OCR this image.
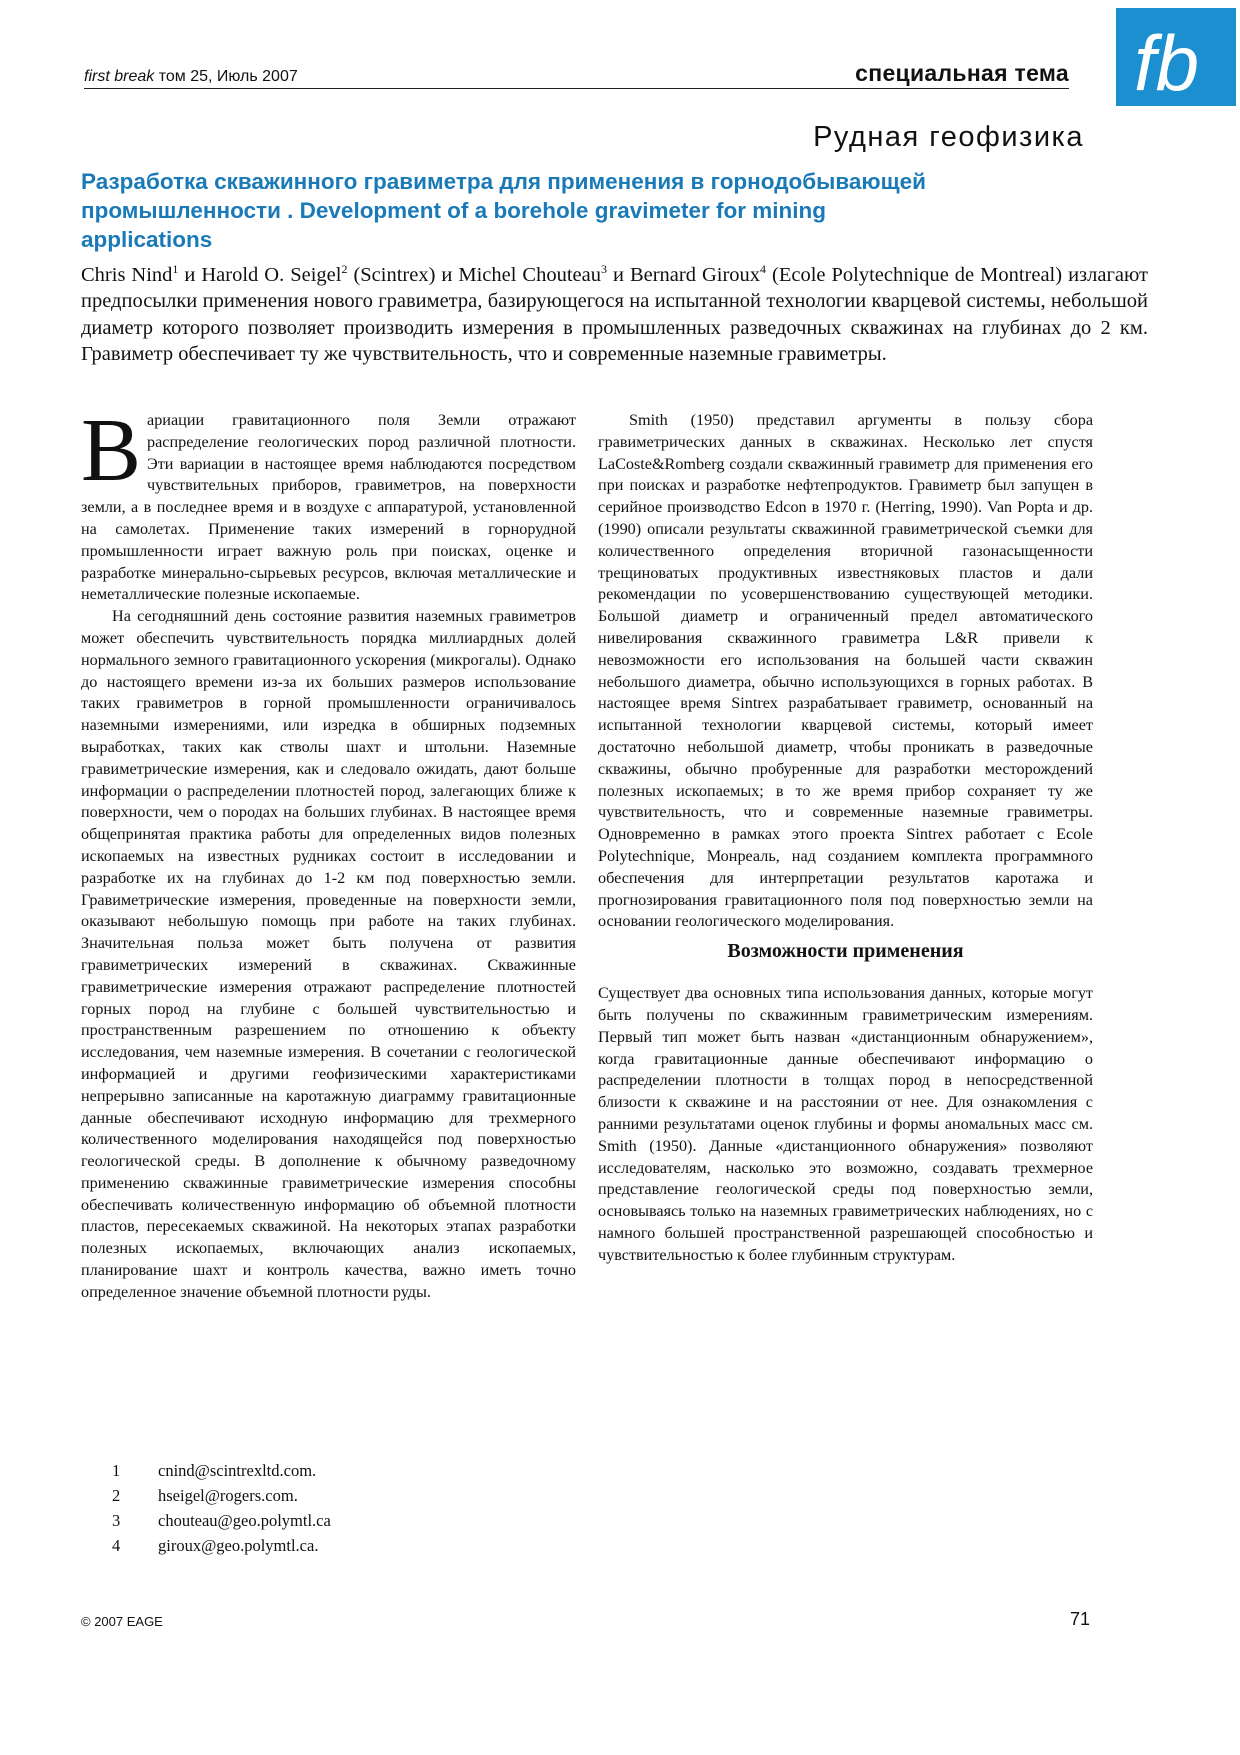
first break том 25, Июль 2007	специальная тема fb
Рудная геофизика
Разработка скважинного гравиметра для применения в горнодобывающей промышленности . Development of a borehole gravimeter for mining applications
Chris Nind$^1$ и Harold O. Seigel$^2$ (Scintrex) и Michel Chouteau$^3$ и Bernard Giroux$^4$ (Ecole Polytechnique de Montreal) излагают предпосылки применения нового гравиметра, базирующегося на испытанной технологии кварцевой системы, небольшой диаметр которого позволяет производить измерения в промышленных разведочных скважинах на глубинах до 2 км. Гравиметр обеспечивает ту же чувствительность, что и современные наземные гравиметры.

Вариации гравитационного поля Земли отражают распределение геологических пород различной плотности. Эти вариации в настоящее время наблюдаются посредством чувствительных приборов, гравиметров, на поверхности земли, а в последнее время и в воздухе с аппаратурой, установленной на самолетах. Применение таких измерений в горнорудной промышленности играет важную роль при поисках, оценке и разработке минерально-сырьевых ресурсов, включая металлические и неметаллические полезные ископаемые.

На сегодняшний день состояние развития наземных гравиметров может обеспечить чувствительность порядка миллиардных долей нормального земного гравитационного ускорения (микрогалы). Однако до настоящего времени из-за их больших размеров использование таких гравиметров в горной промышленности ограничивалось наземными измерениями, или изредка в обширных подземных выработках, таких как стволы шахт и штольни. Наземные гравиметрические измерения, как и следовало ожидать, дают больше информации о распределении плотностей пород, залегающих ближе к поверхности, чем о породах на больших глубинах. В настоящее время общепринятая практика работы для определенных видов полезных ископаемых на известных рудниках состоит в исследовании и разработке их на глубинах до 1-2 км под поверхностью земли. Гравиметрические измерения, проведенные на поверхности земли, оказывают небольшую помощь при работе на таких глубинах. Значительная польза может быть получена от развития гравиметрических измерений в скважинах. Скважинные гравиметрические измерения отражают распределение плотностей горных пород на глубине с большей чувствительностью и пространственным разрешением по отношению к объекту исследования, чем наземные измерения. В сочетании с геологической информацией и другими геофизическими характеристиками непрерывно записанные на каротажную диаграмму гравитационные данные обеспечивают исходную информацию для трехмерного количественного моделирования находящейся под поверхностью геологической среды. В дополнение к обычному разведочному применению скважинные гравиметрические измерения способны обеспечивать количественную информацию об объемной плотности пластов, пересекаемых скважиной. На некоторых этапах разработки полезных ископаемых, включающих анализ ископаемых, планирование шахт и контроль качества, важно иметь точно определенное значение объемной плотности руды.

Smith (1950) представил аргументы в пользу сбора гравиметрических данных в скважинах. Несколько лет спустя LaCoste&Romberg создали скважинный гравиметр для применения его при поисках и разработке нефтепродуктов. Гравиметр был запущен в серийное производство Edcon в 1970 г. (Herring, 1990). Van Popta и др. (1990) описали результаты скважинной гравиметрической съемки для количественного определения вторичной газонасыщенности трещиноватых продуктивных известняковых пластов и дали рекомендации по усовершенствованию существующей методики. Большой диаметр и ограниченный предел автоматического нивелирования скважинного гравиметра L&R привели к невозможности его использования на большей части скважин небольшого диаметра, обычно использующихся в горных работах. В настоящее время Sintrex разрабатывает гравиметр, основанный на испытанной технологии кварцевой системы, который имеет достаточно небольшой диаметр, чтобы проникать в разведочные скважины, обычно пробуренные для разработки месторождений полезных ископаемых; в то же время прибор сохраняет ту же чувствительность, что и современные наземные гравиметры. Одновременно в рамках этого проекта Sintrex работает с Ecole Polytechnique, Монреаль, над созданием комплекта программного обеспечения для интерпретации результатов каротажа и прогнозирования гравитационного поля под поверхностью земли на основании геологического моделирования.

Возможности применения

Существует два основных типа использования данных, которые могут быть получены по скважинным гравиметрическим измерениям. Первый тип может быть назван «дистанционным обнаружением», когда гравитационные данные обеспечивают информацию о распределении плотности в толщах пород в непосредственной близости к скважине и на расстоянии от нее. Для ознакомления с ранними результатами оценок глубины и формы аномальных масс см. Smith (1950). Данные «дистанционного обнаружения» позволяют исследователям, насколько это возможно, создавать трехмерное представление геологической среды под поверхностью земли, основываясь только на наземных гравиметрических наблюдениях, но с намного большей пространственной разрешающей способностью и чувствительностью к более глубинным структурам.

1	cnind@scintrexltd.com.
2	hseigel@rogers.com.
3	chouteau@geo.polymtl.ca
4	giroux@geo.polymtl.ca.
© 2007 EAGE	71
